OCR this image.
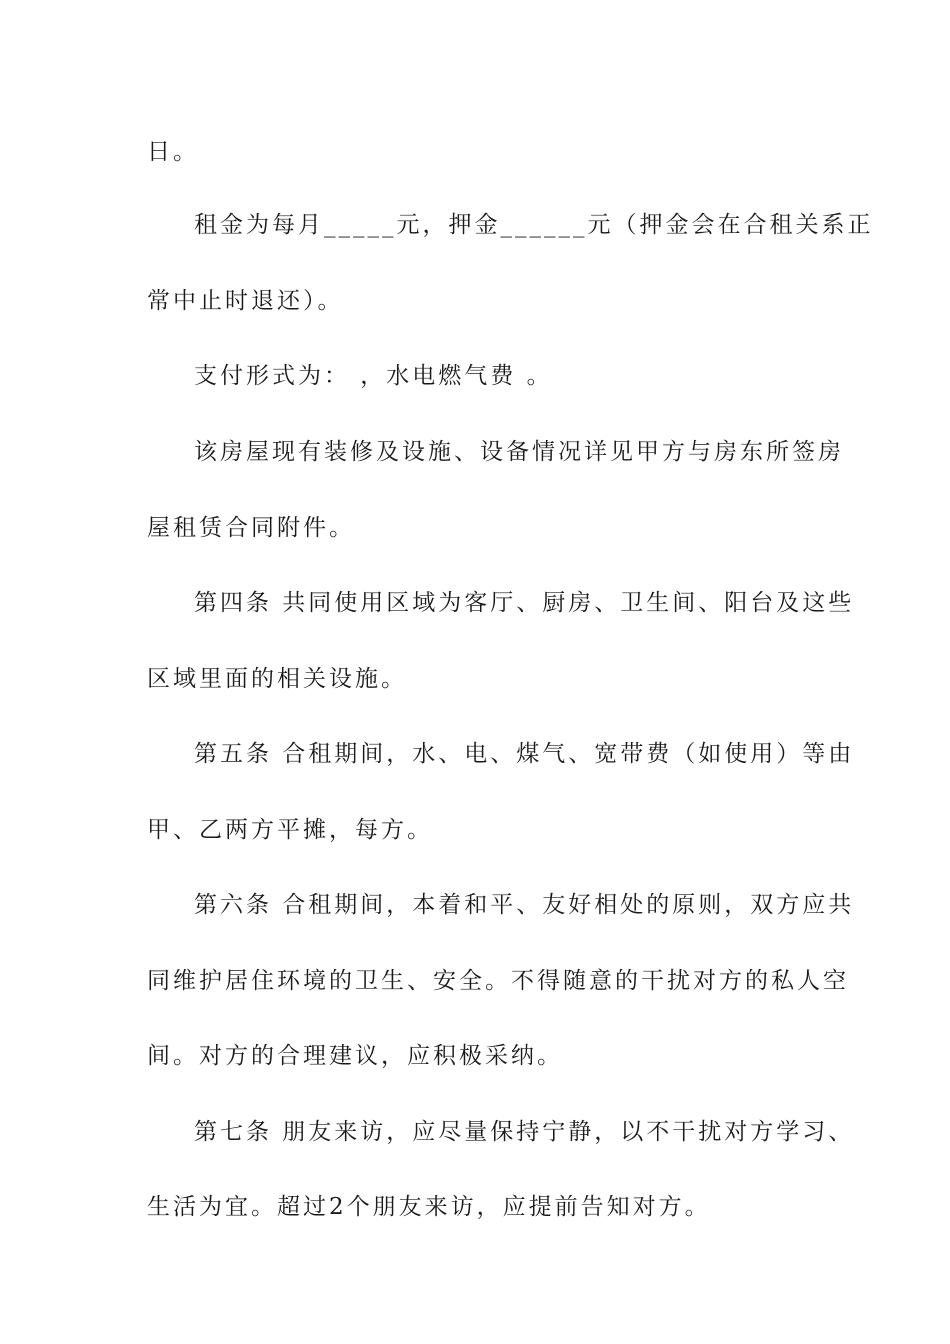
日。
租金为每月_____元，押金______元（押金会在合租关系正
常中止时退还）。
支付形式为： ，水电燃气费 。
该房屋现有装修及设施、设备情况详见甲方与房东所签房
屋租赁合同附件。
第四条 共同使用区域为客厅、厨房、卫生间、阳台及这些
区域里面的相关设施。
第五条 合租期间，水、电、煤气、宽带费（如使用）等由
甲、乙两方平摊，每方。
第六条 合租期间，本着和平、友好相处的原则，双方应共
同维护居住环境的卫生、安全。不得随意的干扰对方的私人空
间。对方的合理建议，应积极采纳。
第七条 朋友来访，应尽量保持宁静，以不干扰对方学习、
生活为宜。超过2个朋友来访，应提前告知对方。
